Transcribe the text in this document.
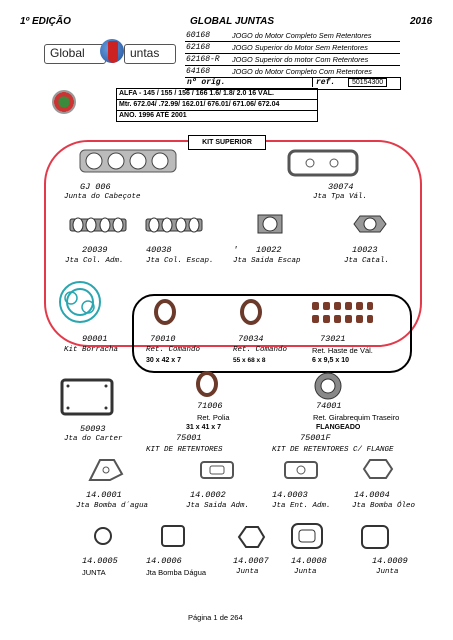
1º EDIÇÃO	GLOBAL JUNTAS	2016
Global	untas
60168	JOGO do Motor Completo Sem Retentores
62168	JOGO Superior do Motor Sem Retentores
62168-R	JOGO Superior do motor Com Retentores
64168	JOGO do Motor Completo Com Retentores
nº orig.	ref.	50154300
ALFA - 145 / 155 / 156 / 166 1.6/ 1.8/ 2.0 16 VÁL.
Mtr. 672.04/ .72.99/ 162.01/ 676.01/ 671.06/ 672.04
ANO. 1996 ATÉ 2001
KIT SUPERIOR
GJ 006
Junta do Cabeçote
30074
Jta Tpa Vál.
20039
Jta Col. Adm.
40038
Jta Col. Escap.
' 10022
Jta Saida Escap
10023
Jta Catal.
90001
Kit Borracha
70010
Ret. Comando
30 x 42 x 7
70034
Ret. Comando
55 x 68 x 8
73021
Ret. Haste de Vál.
6 x 9,5 x 10
71006
Ret. Polia
31 x 41 x 7
74001
Ret. Girabrequim Traseiro
FLANGEADO
50093
Jta do Carter	75001
KIT DE RETENTORES
75001F
KIT DE RETENTORES C/ FLANGE
14.0001
Jta Bomba d´agua
14.0002
Jta Saida Adm.
14.0003
Jta Ent. Adm.
14.0004
Jta Bomba Óleo
14.0005
JUNTA
14.0006
Jta Bomba Dágua
14.0007
Junta
14.0008
Junta
14.0009
Junta
Página 1 de 264
